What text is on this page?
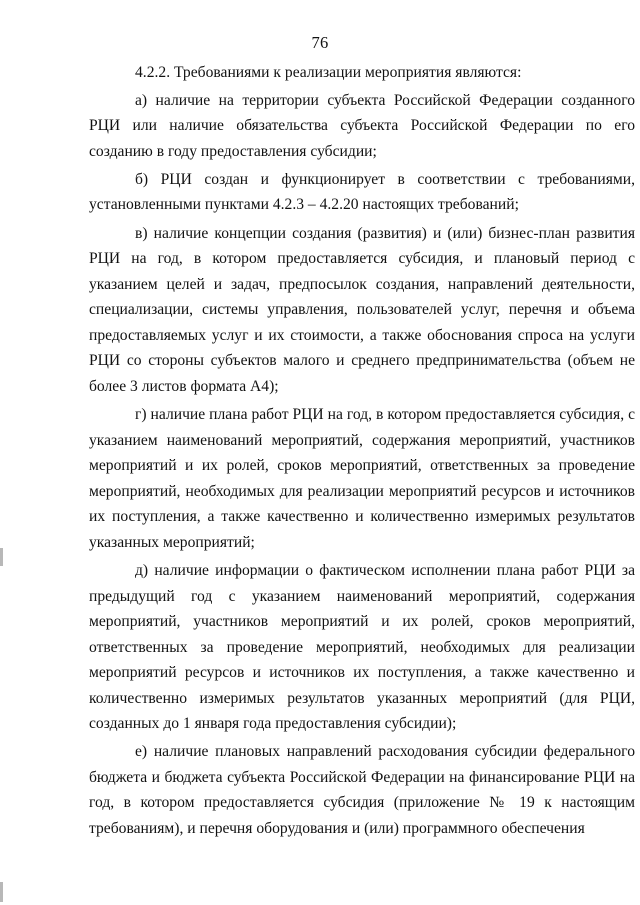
76

4.2.2. Требованиями к реализации мероприятия являются:

а) наличие на территории субъекта Российской Федерации созданного РЦИ или наличие обязательства субъекта Российской Федерации по его созданию в году предоставления субсидии;

б) РЦИ создан и функционирует в соответствии с требованиями, установленными пунктами 4.2.3 – 4.2.20 настоящих требований;

в) наличие концепции создания (развития) и (или) бизнес-план развития РЦИ на год, в котором предоставляется субсидия, и плановый период с указанием целей и задач, предпосылок создания, направлений деятельности, специализации, системы управления, пользователей услуг, перечня и объема предоставляемых услуг и их стоимости, а также обоснования спроса на услуги РЦИ со стороны субъектов малого и среднего предпринимательства (объем не более 3 листов формата А4);

г) наличие плана работ РЦИ на год, в котором предоставляется субсидия, с указанием наименований мероприятий, содержания мероприятий, участников мероприятий и их ролей, сроков мероприятий, ответственных за проведение мероприятий, необходимых для реализации мероприятий ресурсов и источников их поступления, а также качественно и количественно измеримых результатов указанных мероприятий;

д) наличие информации о фактическом исполнении плана работ РЦИ за предыдущий год с указанием наименований мероприятий, содержания мероприятий, участников мероприятий и их ролей, сроков мероприятий, ответственных за проведение мероприятий, необходимых для реализации мероприятий ресурсов и источников их поступления, а также качественно и количественно измеримых результатов указанных мероприятий (для РЦИ, созданных до 1 января года предоставления субсидии);

е) наличие плановых направлений расходования субсидии федерального бюджета и бюджета субъекта Российской Федерации на финансирование РЦИ на год, в котором предоставляется субсидия (приложение № 19 к настоящим требованиям), и перечня оборудования и (или) программного обеспечения
